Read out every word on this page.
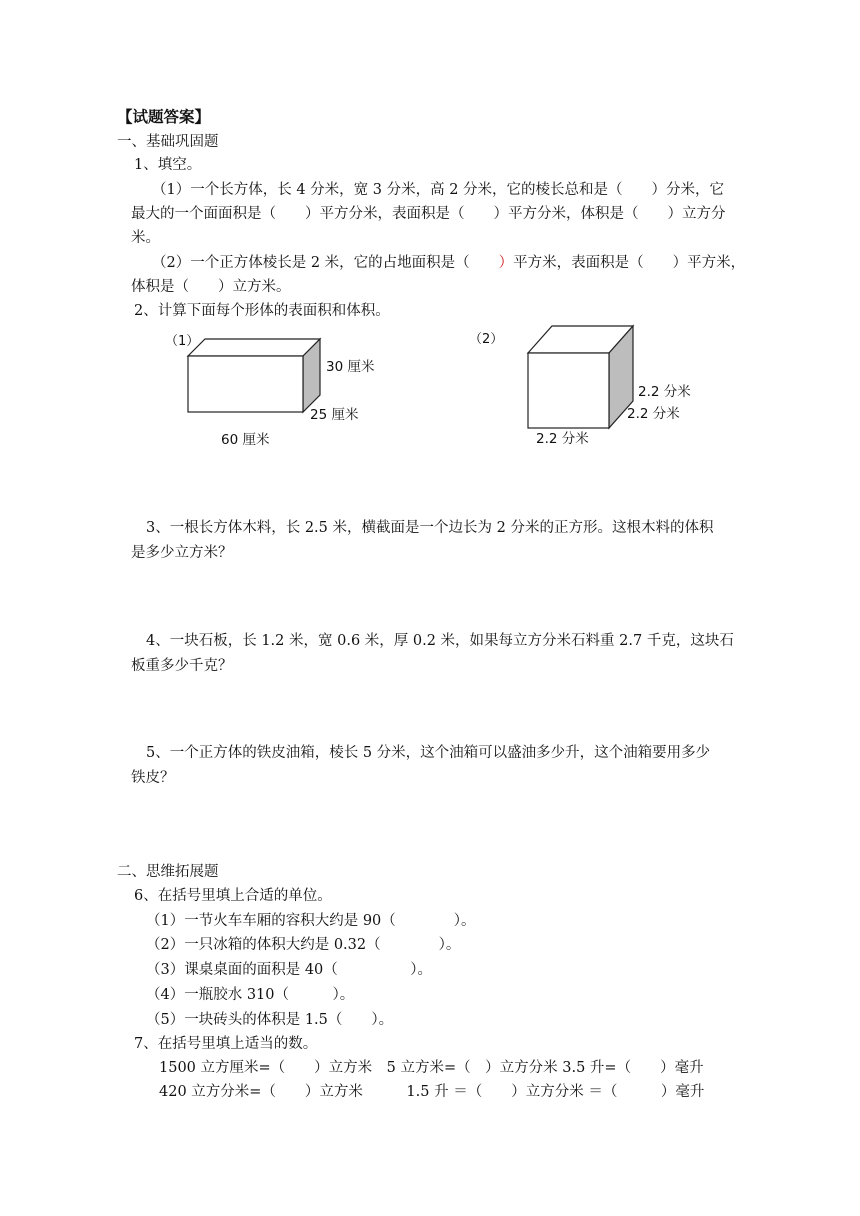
【试题答案】
一、基础巩固题
1、填空。
（1）一个长方体，长 4 分米，宽 3 分米，高 2 分米，它的棱长总和是（　　）分米，它
最大的一个面面积是（　　）平方分米，表面积是（　　）平方分米，体积是（　　）立方分
米。
（2）一个正方体棱长是 2 米，它的占地面积是（　　）平方米，表面积是（　　）平方米，
体积是（　　）立方米。
2、计算下面每个形体的表面积和体积。
（1）
30 厘米
25 厘米
60 厘米
（2）
2.2 分米
2.2 分米
2.2 分米
3、一根长方体木料，长 2.5 米，横截面是一个边长为 2 分米的正方形。这根木料的体积
是多少立方米？
4、一块石板，长 1.2 米，宽 0.6 米，厚 0.2 米，如果每立方分米石料重 2.7 千克，这块石
板重多少千克？
5、一个正方体的铁皮油箱，棱长 5 分米，这个油箱可以盛油多少升，这个油箱要用多少
铁皮？
二、思维拓展题
6、在括号里填上合适的单位。
（1）一节火车车厢的容积大约是 90（　　　　）。
（2）一只冰箱的体积大约是 0.32（　　　　）。
（3）课桌桌面的面积是 40（　　　　　）。
（4）一瓶胶水 310（　　　）。
（5）一块砖头的体积是 1.5（　　）。
7、在括号里填上适当的数。
1500 立方厘米=（　　）立方米　5 立方米=（　）立方分米 3.5 升=（　　）毫升
420 立方分米=（　　）立方米　　　1.5 升 ＝（　　）立方分米 ＝（　　　）毫升
